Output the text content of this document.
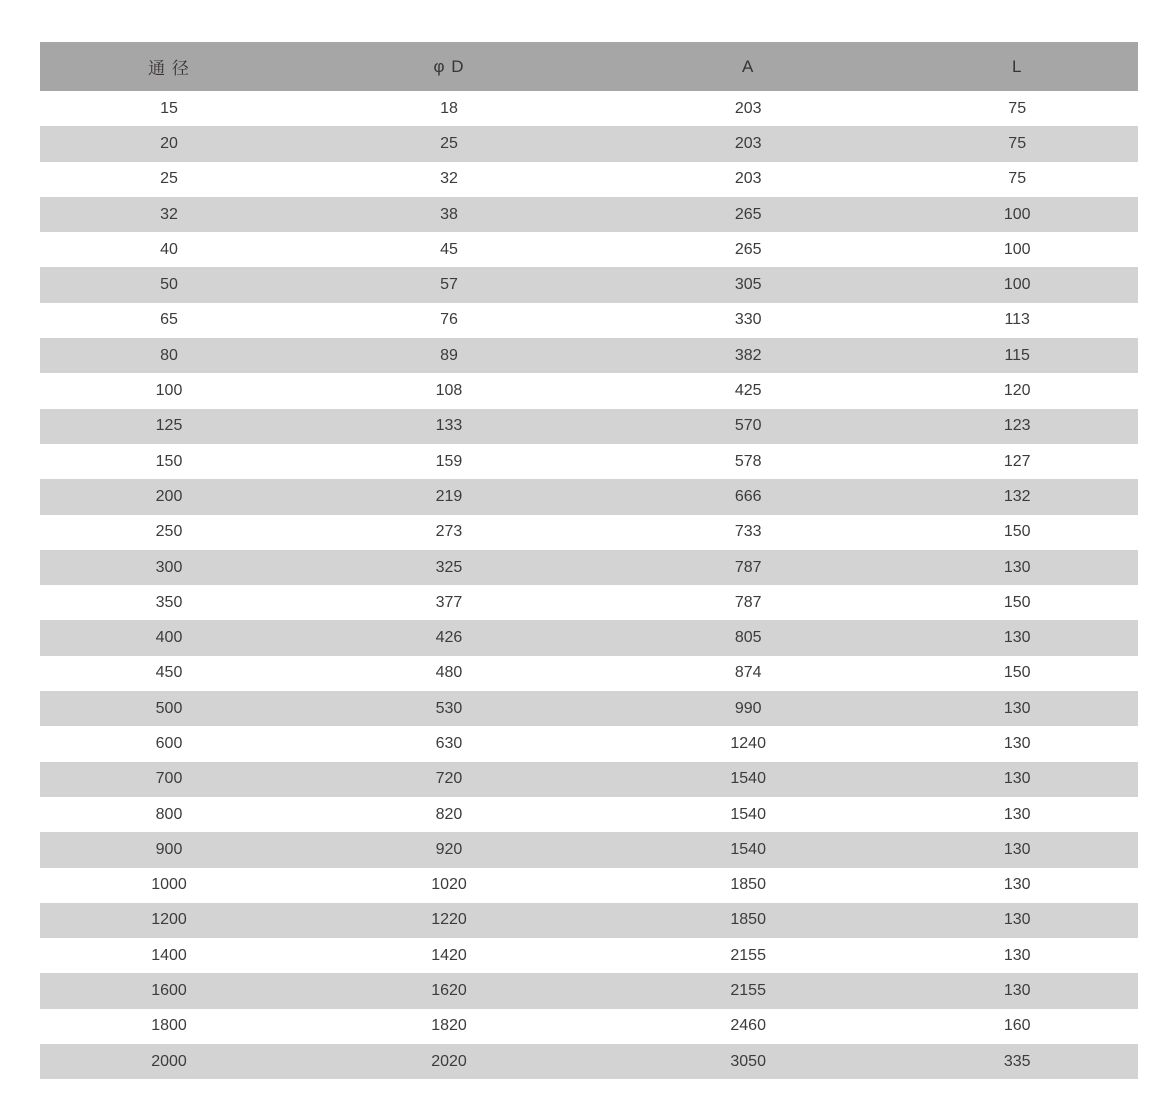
通 径	φ D	A	L
15	18	203	75
20	25	203	75
25	32	203	75
32	38	265	100
40	45	265	100
50	57	305	100
65	76	330	113
80	89	382	115
100	108	425	120
125	133	570	123
150	159	578	127
200	219	666	132
250	273	733	150
300	325	787	130
350	377	787	150
400	426	805	130
450	480	874	150
500	530	990	130
600	630	1240	130
700	720	1540	130
800	820	1540	130
900	920	1540	130
1000	1020	1850	130
1200	1220	1850	130
1400	1420	2155	130
1600	1620	2155	130
1800	1820	2460	160
2000	2020	3050	335
